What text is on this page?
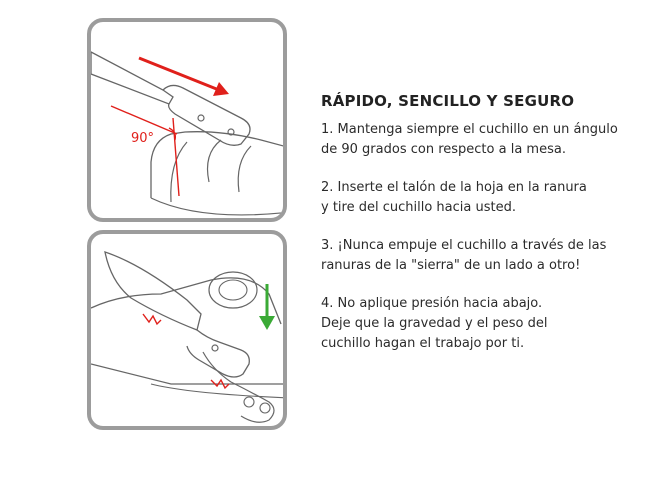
90°
RÁPIDO, SENCILLO Y SEGURO
1. Mantenga siempre el cuchillo en un ángulo
de 90 grados con respecto a la mesa.
2. Inserte el talón de la hoja en la ranura
y tire del cuchillo hacia usted.
3. ¡Nunca empuje el cuchillo a través de las
ranuras de la "sierra" de un lado a otro!
4. No aplique presión hacia abajo.
Deje que la gravedad y el peso del
cuchillo hagan el trabajo por ti.
